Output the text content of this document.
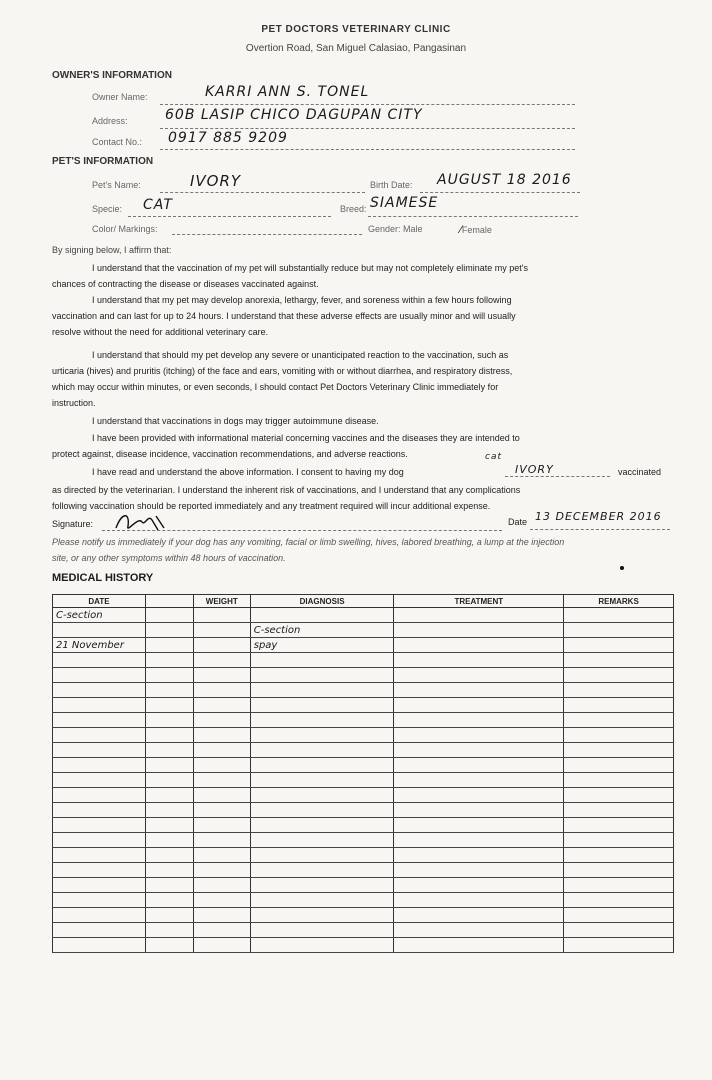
PET DOCTORS VETERINARY CLINIC
Overtion Road, San Miguel Calasiao, Pangasinan
OWNER'S INFORMATION
Owner Name:	KARRI ANN S. TONEL
Address:	60B LASIP CHICO DAGUPAN CITY
Contact No.: 0917 885 9209
PET'S INFORMATION
Pet's Name:	IVORY	Birth Date: AUGUST 18 2016
Specie: CAT	Breed: SIAMESE
Color/ Markings:	Gender: Male	⁄Female
By signing below, I affirm that:
I understand that the vaccination of my pet will substantially reduce but may not completely eliminate my pet's
chances of contracting the disease or diseases vaccinated against.
I understand that my pet may develop anorexia, lethargy, fever, and soreness within a few hours following
vaccination and can last for up to 24 hours. I understand that these adverse effects are usually minor and will usually
resolve without the need for additional veterinary care.
I understand that should my pet develop any severe or unanticipated reaction to the vaccination, such as
urticaria (hives) and pruritis (itching) of the face and ears, vomiting with or without diarrhea, and respiratory distress,
which may occur within minutes, or even seconds, I should contact Pet Doctors Veterinary Clinic immediately for
instruction.
I understand that vaccinations in dogs may trigger autoimmune disease.
I have been provided with informational material concerning vaccines and the diseases they are intended to
protect against, disease incidence, vaccination recommendations, and adverse reactions.
I have read and understand the above information. I consent to having my dog
cat
IVORY	vaccinated
as directed by the veterinarian. I understand the inherent risk of vaccinations, and I understand that any complications
following vaccination should be reported immediately and any treatment required will incur additional expense.
Signature:	Date 13 DECEMBER 2016
Please notify us immediately if your dog has any vomiting, facial or limb swelling, hives, labored breathing, a lump at the injection
site, or any other symptoms within 48 hours of vaccination.
MEDICAL HISTORY
DATE		WEIGHT	DIAGNOSIS	TREATMENT	REMARKS
C-section					
			C-section		
21 November			spay		
